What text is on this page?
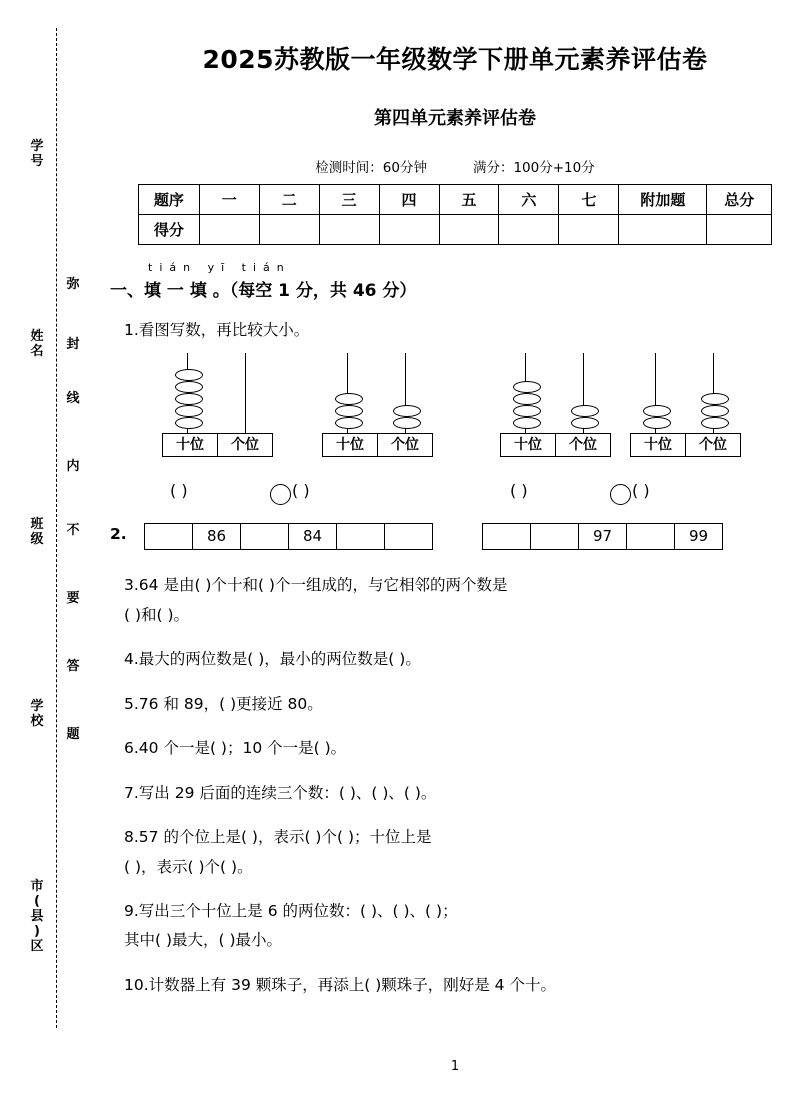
学
号
弥
姓
名	封
线
内
班
级
不
要
答
学
校
题
市
(
县
)
区
2025苏教版一年级数学下册单元素养评估卷
第四单元素养评估卷
检测时间：60分钟	满分：100分+10分
题序	一	二	三	四	五	六	七	附加题	总分
得分									
tián yī tián
一、填 一 填 。（每空 1 分，共 46 分）
1.看图写数，再比较大小。
十位	个位	十位	个位	十位	个位	十位	个位
( )	( )	( )	( )
2.	86	84	97	99
3.64 是由( )个十和( )个一组成的，与它相邻的两个数是
( )和( )。
4.最大的两位数是( )，最小的两位数是( )。
5.76 和 89，( )更接近 80。
6.40 个一是( )；10 个一是( )。
7.写出 29 后面的连续三个数：( )、( )、( )。
8.57 的个位上是( )，表示( )个( )；十位上是
( )，表示( )个( )。
9.写出三个十位上是 6 的两位数：( )、( )、( )；
其中( )最大，( )最小。
10.计数器上有 39 颗珠子，再添上( )颗珠子，刚好是 4 个十。
1
